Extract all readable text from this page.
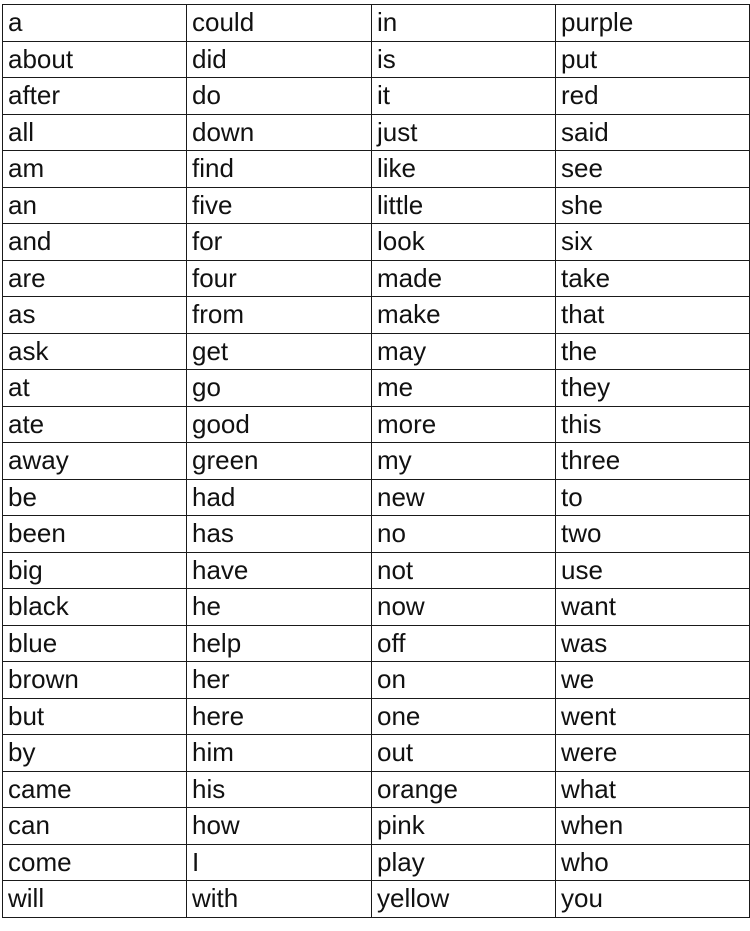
a	could	in	purple
about	did	is	put
after	do	it	red
all	down	just	said
am	find	like	see
an	five	little	she
and	for	look	six
are	four	made	take
as	from	make	that
ask	get	may	the
at	go	me	they
ate	good	more	this
away	green	my	three
be	had	new	to
been	has	no	two
big	have	not	use
black	he	now	want
blue	help	off	was
brown	her	on	we
but	here	one	went
by	him	out	were
came	his	orange	what
can	how	pink	when
come	I	play	who
will	with	yellow	you
